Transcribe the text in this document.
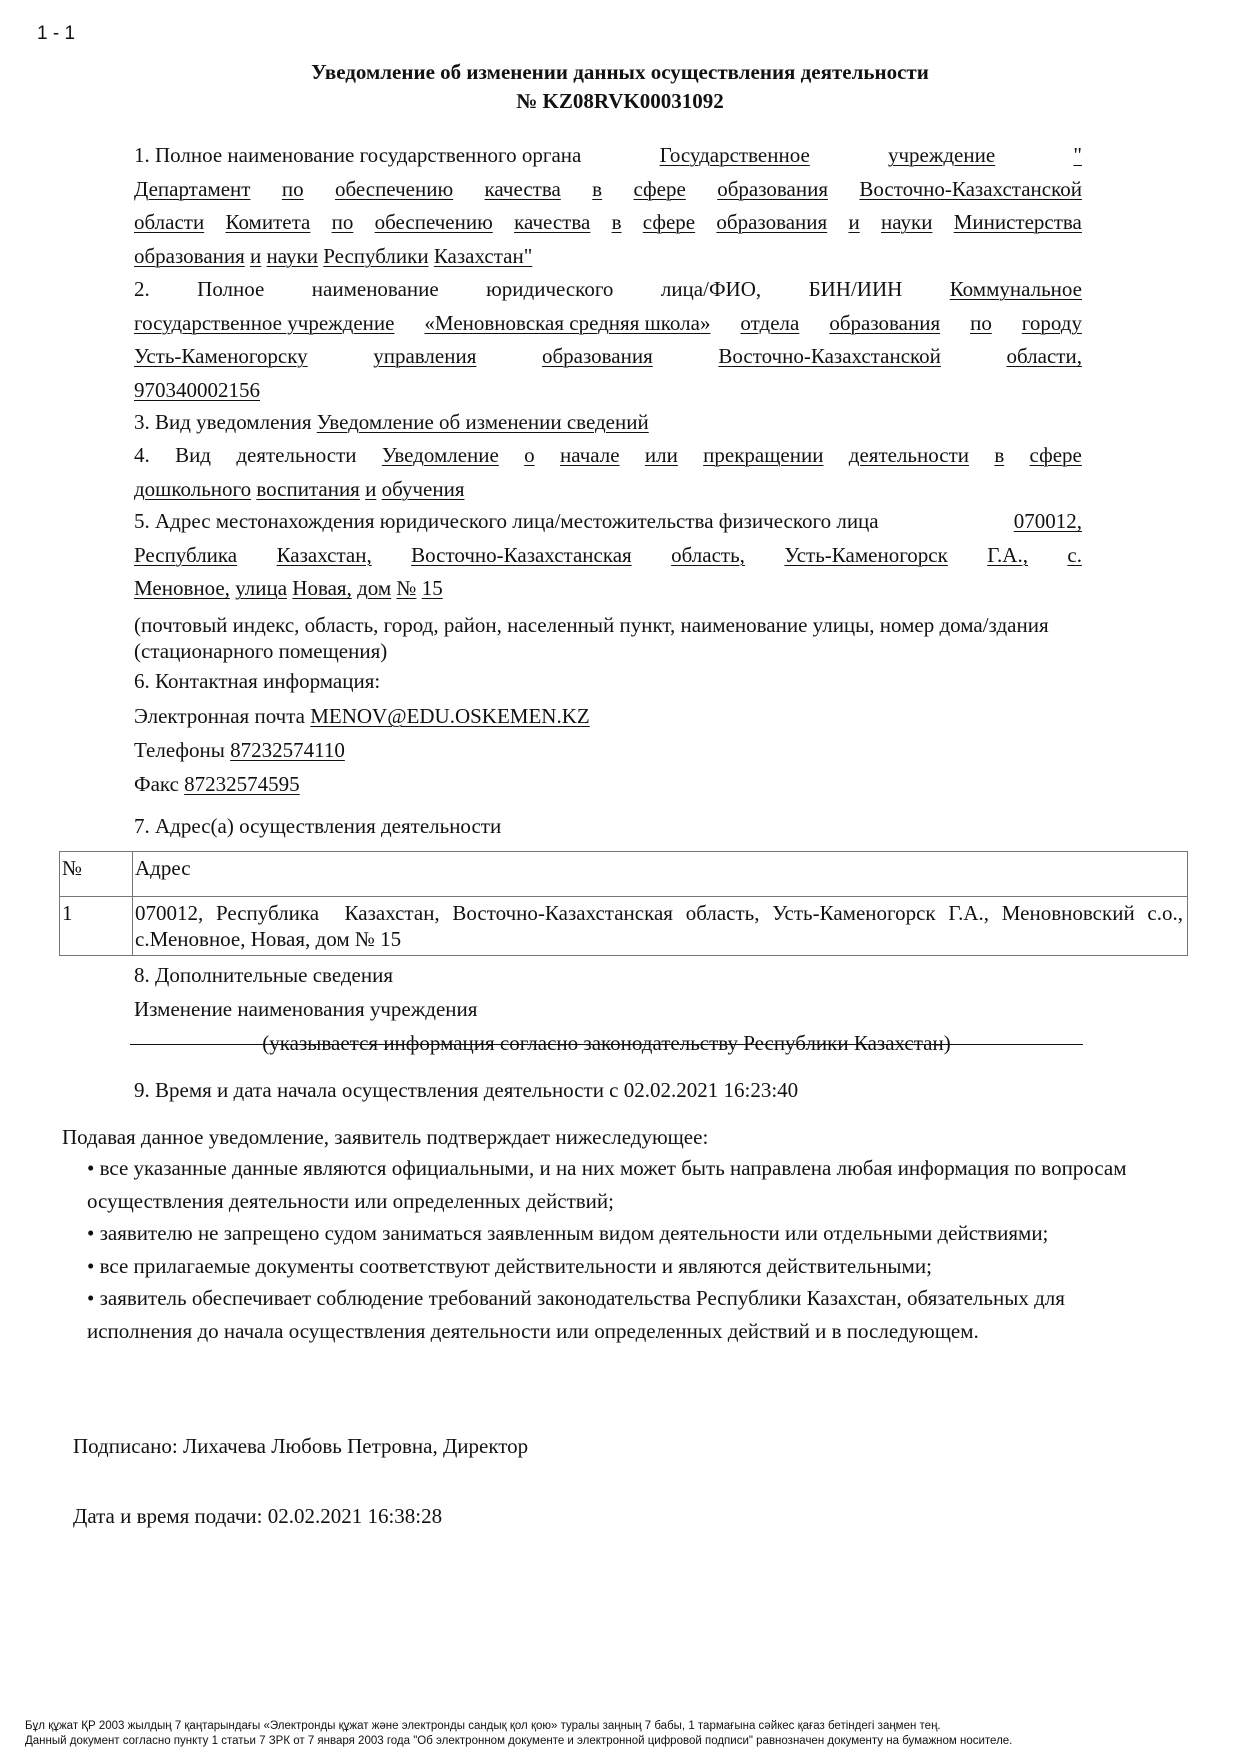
1 - 1
Уведомление об изменении данных осуществления деятельности
№ KZ08RVK00031092
1. Полное наименование государственного органа	Государственное	учреждение	"
Департамент по обеспечению качества в сфере образования Восточно-Казахстанской
области Комитета по обеспечению качества в сфере образования и науки Министерства
образования и науки Республики Казахстан"
2. Полное наименование юридического лица/ФИО, БИН/ИИН Коммунальное
государственное учреждение «Меновновская средняя школа» отдела образования по городу
Усть-Каменогорску	управления	образования	Восточно-Казахстанской	области,
970340002156
3. Вид уведомления Уведомление об изменении сведений
4. Вид деятельности Уведомление о начале или прекращении деятельности в сфере
дошкольного воспитания и обучения
5. Адрес местонахождения юридического лица/местожительства физического лица	070012,
Республика Казахстан, Восточно-Казахстанская область, Усть-Каменогорск Г.А., с.
Меновное, улица Новая, дом № 15
(почтовый индекс, область, город, район, населенный пункт, наименование улицы, номер дома/здания (стационарного помещения)
6. Контактная информация:
Электронная почта MENOV@EDU.OSKEMEN.KZ
Телефоны 87232574110
Факс 87232574595
7. Адрес(а) осуществления деятельности
№	Адрес
1	070012, Республика  Казахстан, Восточно-Казахстанская область, Усть-Каменогорск Г.А., Меновновский с.о., с.Меновное, Новая, дом № 15
8. Дополнительные сведения
Изменение наименования учреждения
(указывается информация согласно законодательству Республики Казахстан)
9. Время и дата начала осуществления деятельности с 02.02.2021 16:23:40
Подавая данное уведомление, заявитель подтверждает нижеследующее:
• все указанные данные являются официальными, и на них может быть направлена любая информация по вопросам осуществления деятельности или определенных действий;
• заявителю не запрещено судом заниматься заявленным видом деятельности или отдельными действиями;
• все прилагаемые документы соответствуют действительности и являются действительными;
• заявитель обеспечивает соблюдение требований законодательства Республики Казахстан, обязательных для исполнения до начала осуществления деятельности или определенных действий и в последующем.
Подписано: Лихачева Любовь Петровна, Директор
Дата и время подачи: 02.02.2021 16:38:28
Бұл құжат ҚР 2003 жылдың 7 қаңтарындағы «Электронды құжат және электронды сандық қол қою» туралы заңның 7 бабы, 1 тармағына сәйкес қағаз бетіндегі заңмен тең.
Данный документ согласно пункту 1 статьи 7 ЗРК от 7 января 2003 года "Об электронном документе и электронной цифровой подписи" равнозначен документу на бумажном носителе.
